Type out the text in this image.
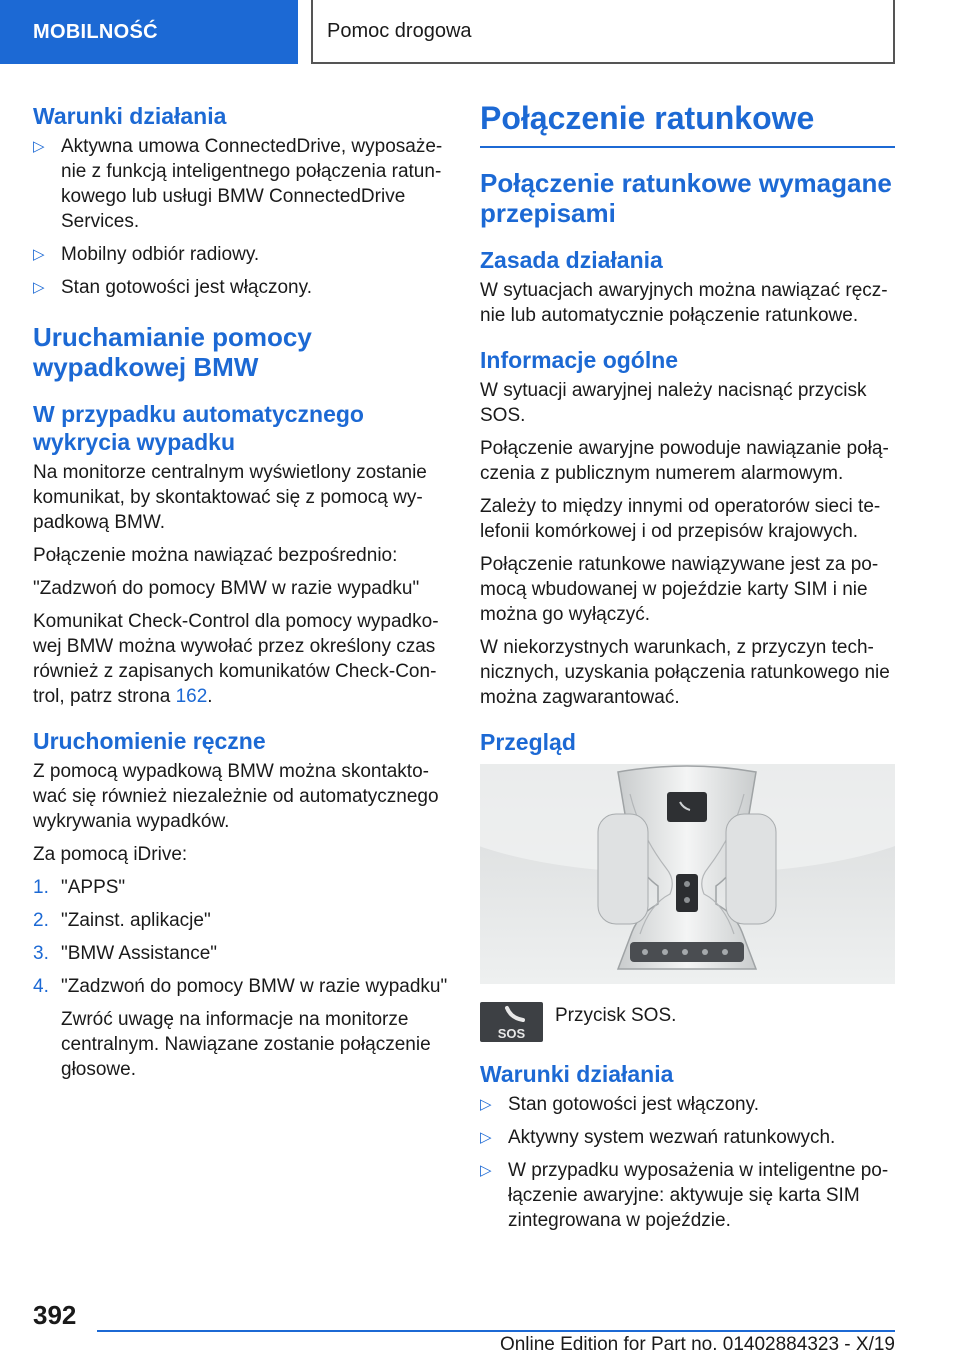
MOBILNOŚĆ	Pomoc drogowa
Warunki działania
▷ Aktywna umowa ConnectedDrive, wyposażenie z funkcją inteligentnego połączenia ratunkowego lub usługi BMW ConnectedDrive Services.
▷ Mobilny odbiór radiowy.
▷ Stan gotowości jest włączony.
Uruchamianie pomocy wypadkowej BMW
W przypadku automatycznego wykrycia wypadku

Na monitorze centralnym wyświetlony zostanie komunikat, by skontaktować się z pomocą wypadkową BMW.

Połączenie można nawiązać bezpośrednio:

"Zadzwoń do pomocy BMW w razie wypadku"

Komunikat Check-Control dla pomocy wypadkowej BMW można wywołać przez określony czas również z zapisanych komunikatów Check-Control, patrz strona 162.

Uruchomienie ręczne

Z pomocą wypadkową BMW można skontaktować się również niezależnie od automatycznego wykrywania wypadków.

Za pomocą iDrive:

1. "APPS"
2. "Zainst. aplikacje"
3. "BMW Assistance"
4. "Zadzwoń do pomocy BMW w razie wypadku"
Zwróć uwagę na informacje na monitorze centralnym. Nawiązane zostanie połączenie głosowe.
Połączenie ratunkowe
Połączenie ratunkowe wymagane przepisami
Zasada działania

W sytuacjach awaryjnych można nawiązać ręcznie lub automatycznie połączenie ratunkowe.

Informacje ogólne

W sytuacji awaryjnej należy nacisnąć przycisk SOS.

Połączenie awaryjne powoduje nawiązanie połączenia z publicznym numerem alarmowym.

Zależy to między innymi od operatorów sieci telefonii komórkowej i od przepisów krajowych.

Połączenie ratunkowe nawiązywane jest za pomocą wbudowanej w pojeździe karty SIM i nie można go wyłączyć.

W niekorzystnych warunkach, z przyczyn technicznych, uzyskania połączenia ratunkowego nie można zagwarantować.

Przegląd
SOS

Przycisk SOS.

Warunki działania
▷ Stan gotowości jest włączony.
▷ Aktywny system wezwań ratunkowych.
▷ W przypadku wyposażenia w inteligentne połączenie awaryjne: aktywuje się karta SIM zintegrowana w pojeździe.
392
Online Edition for Part no. 01402884323 - X/19
